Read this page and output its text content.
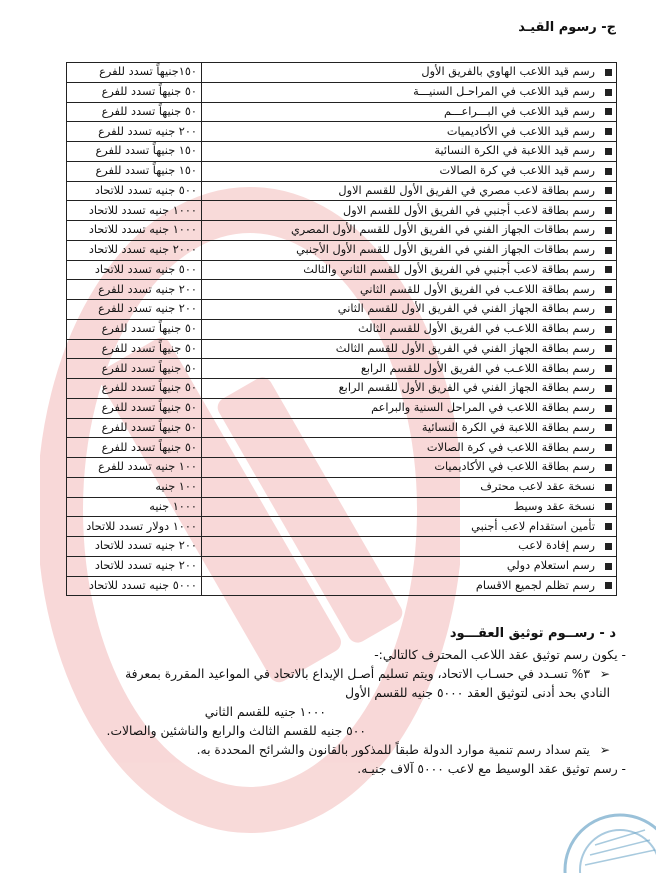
ج- رسوم القيـد
رسم قيد اللاعب الهاوي بالفريق الأول	١٥٠جنيهاً تسدد للفرع
رسم قيد اللاعب في المراحـل السنيـــة	٥٠ جنيهاً تسدد للفرع
رسم قيد اللاعب في البـــراعـــم	٥٠ جنيهاً تسدد للفرع
رسم قيد اللاعب في الأكاديميات	٢٠٠ جنيه تسدد للفرع
رسم قيد اللاعبة في الكرة النسائية	١٥٠ جنيهاً تسدد للفرع
رسم قيد اللاعب في كرة الصالات	١٥٠ جنيهاً تسدد للفرع
رسم بطاقة لاعب مصري في الفريق الأول للقسم الاول	٥٠٠ جنيه تسدد للاتحاد
رسم بطاقة لاعب أجنبي في الفريق الأول للقسم الاول	١٠٠٠ جنيه تسدد للاتحاد
رسم بطاقات الجهاز الفني في الفريق الأول للقسم الأول المصري	١٠٠٠ جنيه تسدد للاتحاد
رسم بطاقات الجهاز الفني في الفريق الأول للقسم الأول الأجنبي	٢٠٠٠ جنيه تسدد للاتحاد
رسم بطاقة لاعب أجنبي في الفريق الأول للقسم الثاني والثالث	٥٠٠ جنيه تسدد للاتحاد
رسم بطاقة اللاعـب في الفريق الأول للقسم الثاني	٢٠٠ جنيه تسدد للفرع
رسم بطاقة الجهاز الفني في الفريق الأول للقسم الثاني	٢٠٠ جنيه تسدد للفرع
رسم بطاقة اللاعـب في الفريق الأول للقسم الثالث	٥٠ جنيهاً تسدد للفرع
رسم بطاقة الجهاز الفني في الفريق الأول للقسم الثالث	٥٠ جنيهاً تسدد للفرع
رسم بطاقة اللاعـب في الفريق الأول للقسم الرابع	٥٠ جنيهاً تسدد للفرع
رسم بطاقة الجهاز الفني في الفريق الأول للقسم الرابع	٥٠ جنيهاً تسدد للفرع
رسم بطاقة اللاعب في المراحل السنية والبراعم	٥٠ جنيهاً تسدد للفرع
رسم بطاقة اللاعبة في الكرة النسائية	٥٠ جنيهاً تسدد للفرع
رسم بطاقة اللاعب في كرة الصالات	٥٠ جنيهاً تسدد للفرع
رسم بطاقة اللاعب في الأكاديميات	١٠٠ جنيه تسدد للفرع
نسخة عقد لاعب محترف	١٠٠ جنيه
نسخة عقد وسيط	١٠٠٠ جنيه
تأمين استقدام لاعب أجنبي	١٠٠٠ دولار تسدد للاتحاد
رسم إفادة لاعب	٢٠٠ جنيه تسدد للاتحاد
رسم استعلام دولي	٢٠٠ جنيه تسدد للاتحاد
رسم تظلم لجميع الاقسام	٥٠٠٠ جنيه تسدد للاتحاد
د - رســوم توثيق العقـــود
- يكون رسم توثيق عقد اللاعب المحترف كالتالي:-
➢٣% تسـدد في حسـاب الاتحاد، ويتم تسليم أصـل الإيداع بالاتحاد في المواعيد المقررة بمعرفة
النادي بحد أدنى لتوثيق العقد ٥٠٠٠ جنيه للقسم الأول
١٠٠٠ جنيه للقسم الثاني
٥٠٠ جنيه للقسم الثالث والرابع والناشئين والصالات.
➢يتم سداد رسم تنمية موارد الدولة طبقاً للمذكور بالقانون والشرائح المحددة به.
- رسم توثيق عقد الوسيط مع لاعب ٥٠٠٠ آلاف جنيـه.
